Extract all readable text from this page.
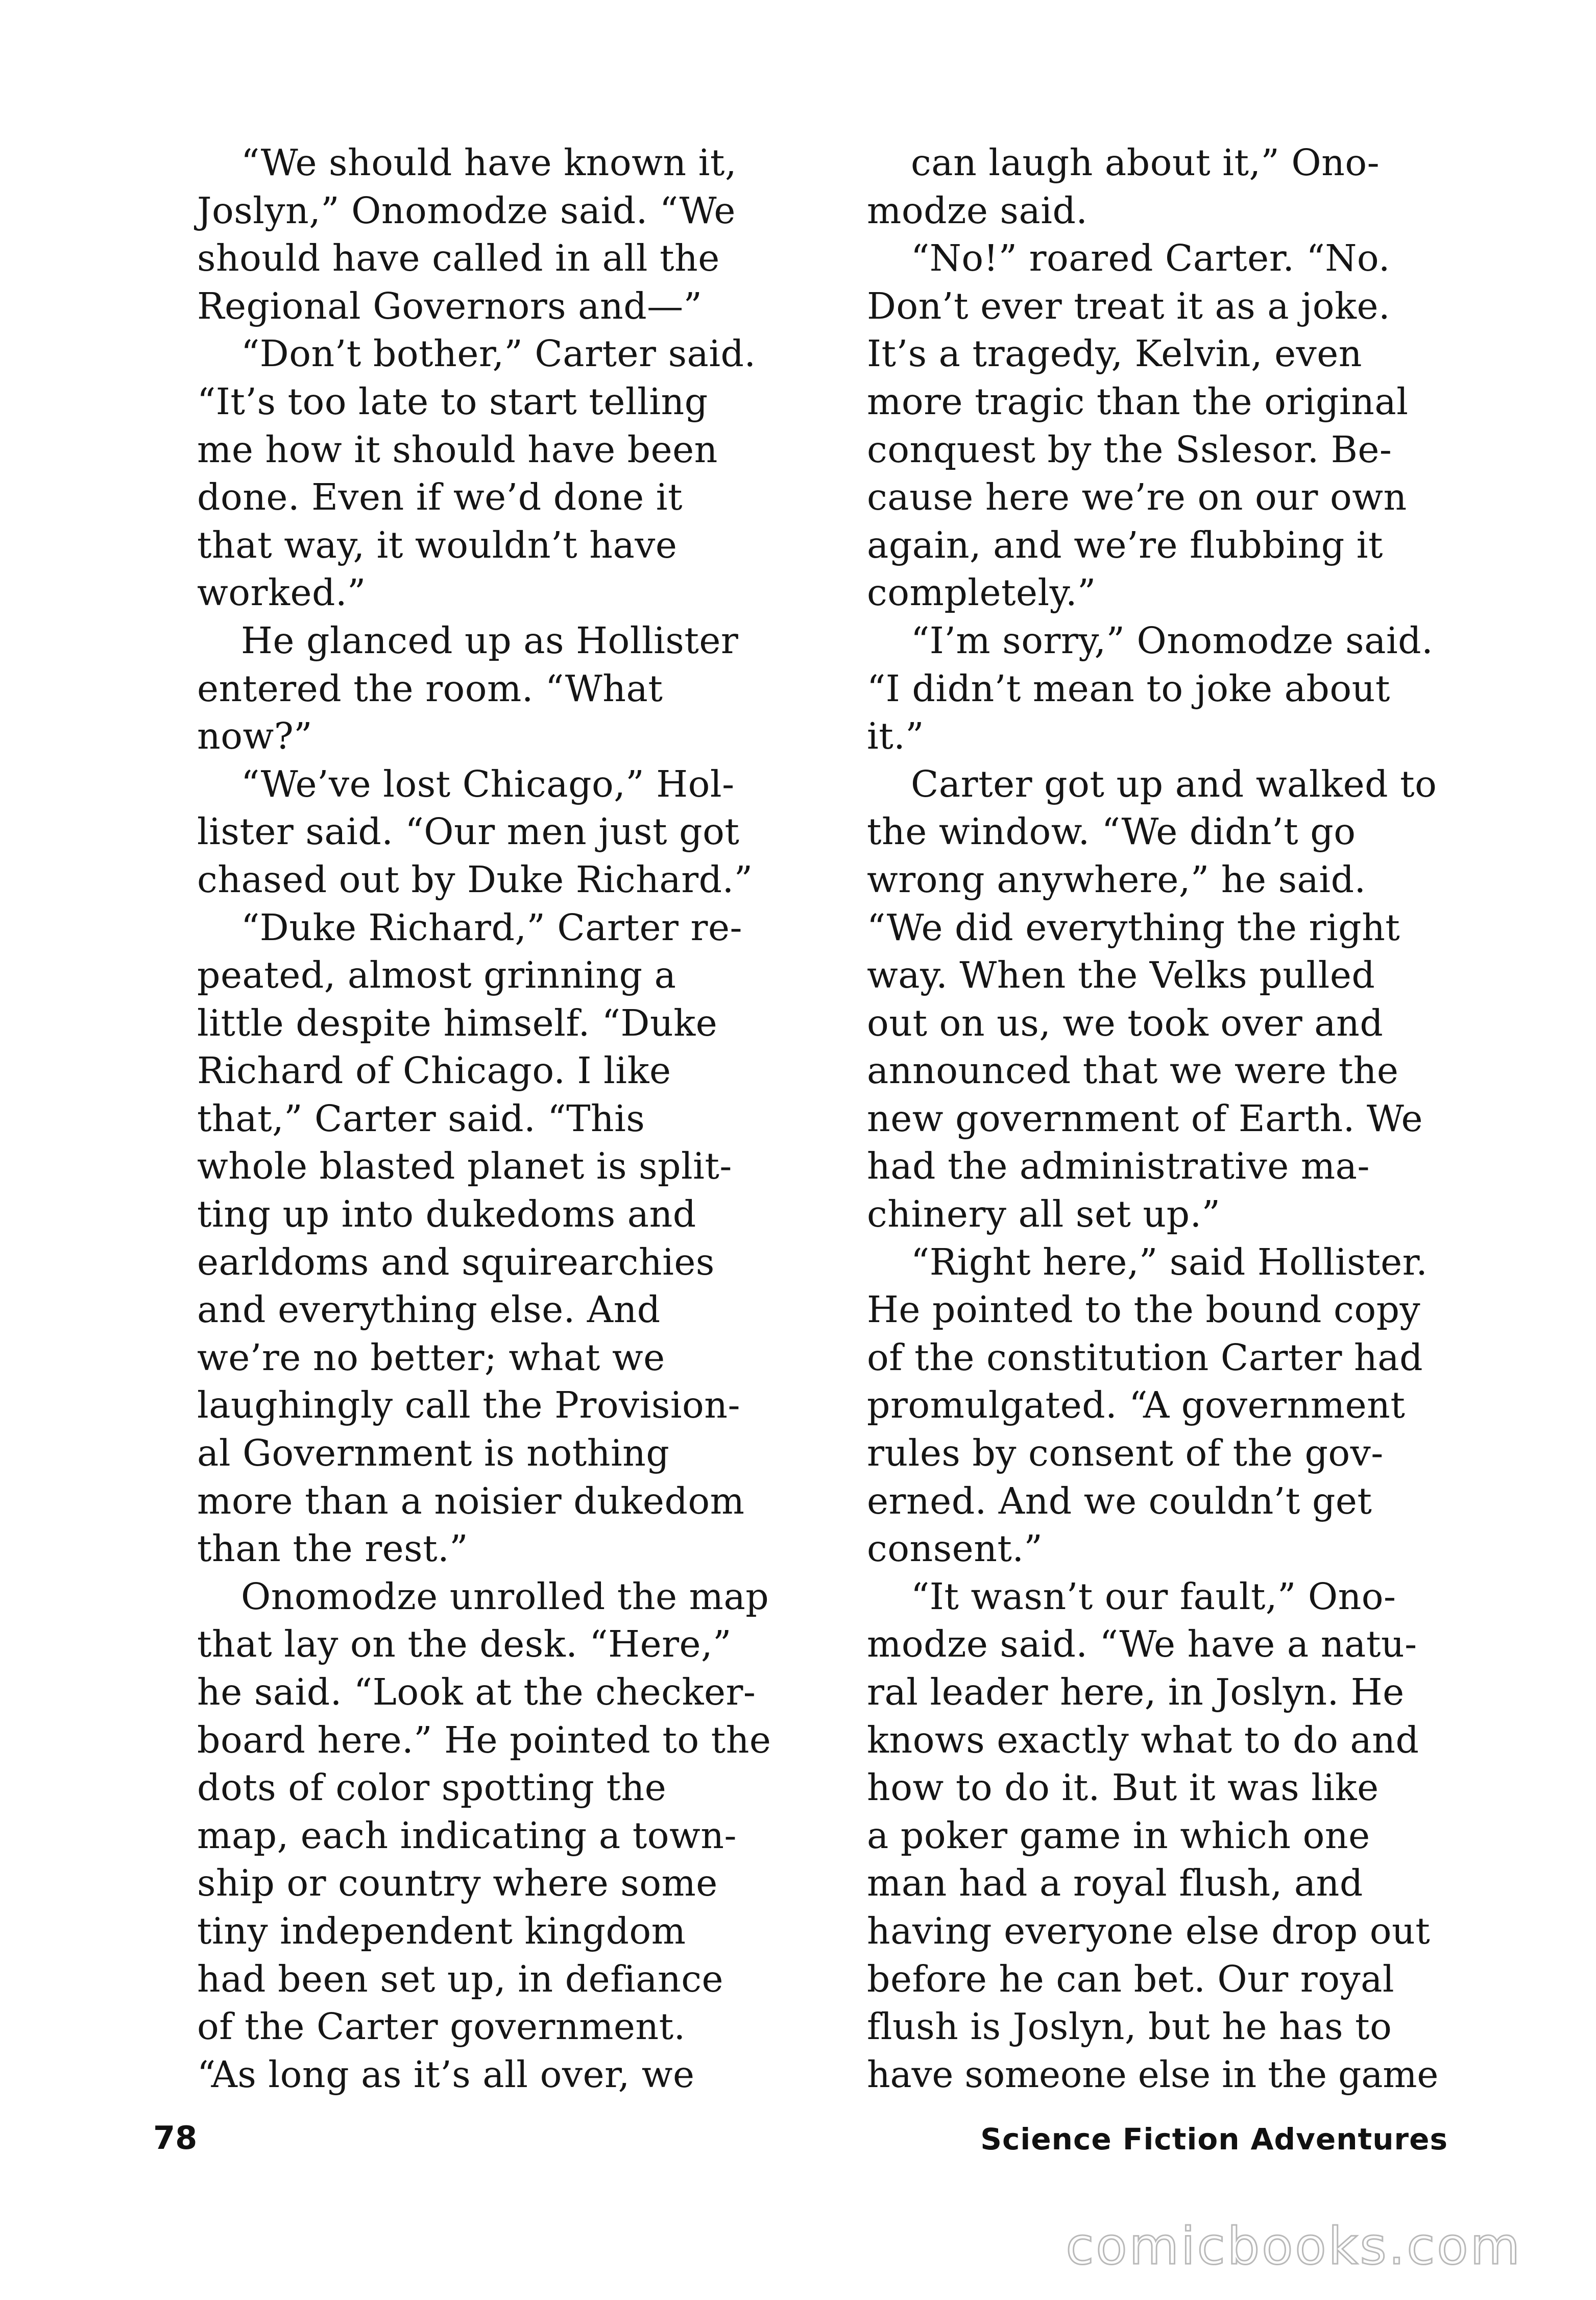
“We should have known it,
Joslyn,” Onomodze said. “We
should have called in all the
Regional Governors and—”

“Don’t bother,” Carter said.
“It’s too late to start telling
me how it should have been
done. Even if we’d done it
that way, it wouldn’t have
worked.”

He glanced up as Hollister
entered the room. “What
now?”

“We’ve lost Chicago,” Hol-
lister said. “Our men just got
chased out by Duke Richard.”

“Duke Richard,” Carter re-
peated, almost grinning a
little despite himself. “Duke
Richard of Chicago. I like
that,” Carter said. “This
whole blasted planet is split-
ting up into dukedoms and
earldoms and squirearchies
and everything else. And
we’re no better; what we
laughingly call the Provision-
al Government is nothing
more than a noisier dukedom
than the rest.”

Onomodze unrolled the map
that lay on the desk. “Here,”
he said. “Look at the checker-
board here.” He pointed to the
dots of color spotting the
map, each indicating a town-
ship or country where some
tiny independent kingdom
had been set up, in defiance
of the Carter government.
“As long as it’s all over, we

can laugh about it,” Ono-
modze said.

“No!” roared Carter. “No.
Don’t ever treat it as a joke.
It’s a tragedy, Kelvin, even
more tragic than the original
conquest by the Sslesor. Be-
cause here we’re on our own
again, and we’re flubbing it
completely.”

“I’m sorry,” Onomodze said.
“I didn’t mean to joke about
it.”

Carter got up and walked to
the window. “We didn’t go
wrong anywhere,” he said.
“We did everything the right
way. When the Velks pulled
out on us, we took over and
announced that we were the
new government of Earth. We
had the administrative ma-
chinery all set up.”

“Right here,” said Hollister.
He pointed to the bound copy
of the constitution Carter had
promulgated. “A government
rules by consent of the gov-
erned. And we couldn’t get
consent.”

“It wasn’t our fault,” Ono-
modze said. “We have a natu-
ral leader here, in Joslyn. He
knows exactly what to do and
how to do it. But it was like
a poker game in which one
man had a royal flush, and
having everyone else drop out
before he can bet. Our royal
flush is Joslyn, but he has to
have someone else in the game

78	Science Fiction Adventures
comicbooks.com
